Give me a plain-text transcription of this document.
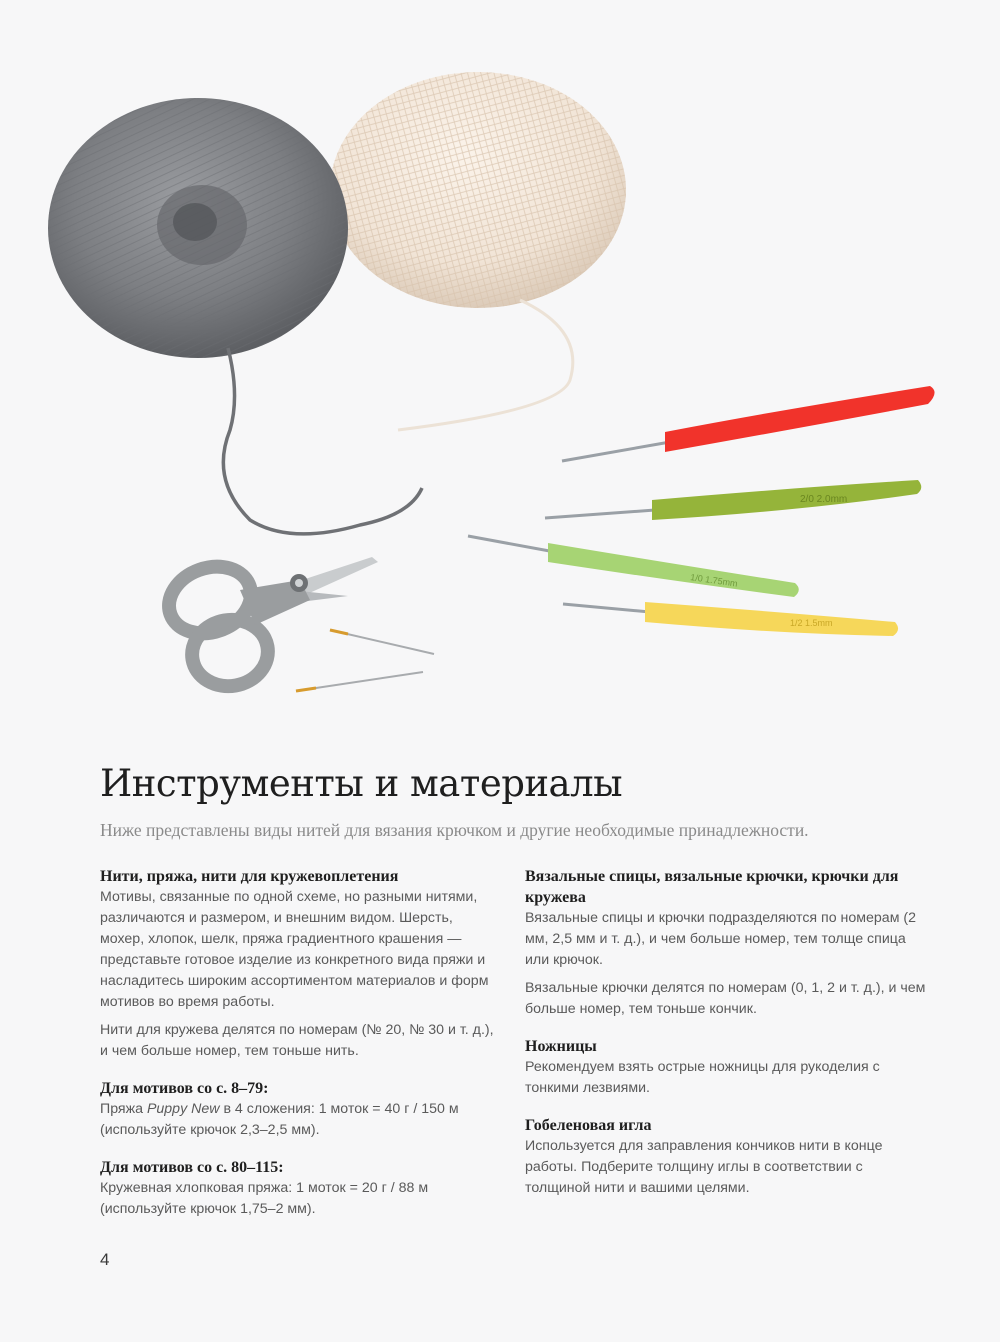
2/0 2.0mm
1/0 1.75mm
1/2 1.5mm
Инструменты и материалы

Ниже представлены виды нитей для вязания крючком и другие необходимые принадлежности.

Нити, пряжа, нити для кружевоплетения

Мотивы, связанные по одной схеме, но разными нитями, различаются и размером, и внешним видом. Шерсть, мохер, хлопок, шелк, пряжа градиентного крашения — представьте готовое изделие из конкретного вида пряжи и насладитесь широким ассортиментом материалов и форм мотивов во время работы.

Нити для кружева делятся по номерам (№ 20, № 30 и т. д.), и чем больше номер, тем тоньше нить.

Для мотивов со с. 8–79:

Пряжа Puppy New в 4 сложения: 1 моток = 40 г / 150 м (используйте крючок 2,3–2,5 мм).

Для мотивов со с. 80–115:

Кружевная хлопковая пряжа: 1 моток = 20 г / 88 м (используйте крючок 1,75–2 мм).

Вязальные спицы, вязальные крючки, крючки для кружева

Вязальные спицы и крючки подразделяются по номерам (2 мм, 2,5 мм и т. д.), и чем больше номер, тем толще спица или крючок.

Вязальные крючки делятся по номерам (0, 1, 2 и т. д.), и чем больше номер, тем тоньше кончик.

Ножницы

Рекомендуем взять острые ножницы для рукоделия с тонкими лезвиями.

Гобеленовая игла

Используется для заправления кончиков нити в конце работы. Подберите толщину иглы в соответствии с толщиной нити и вашими целями.

4
